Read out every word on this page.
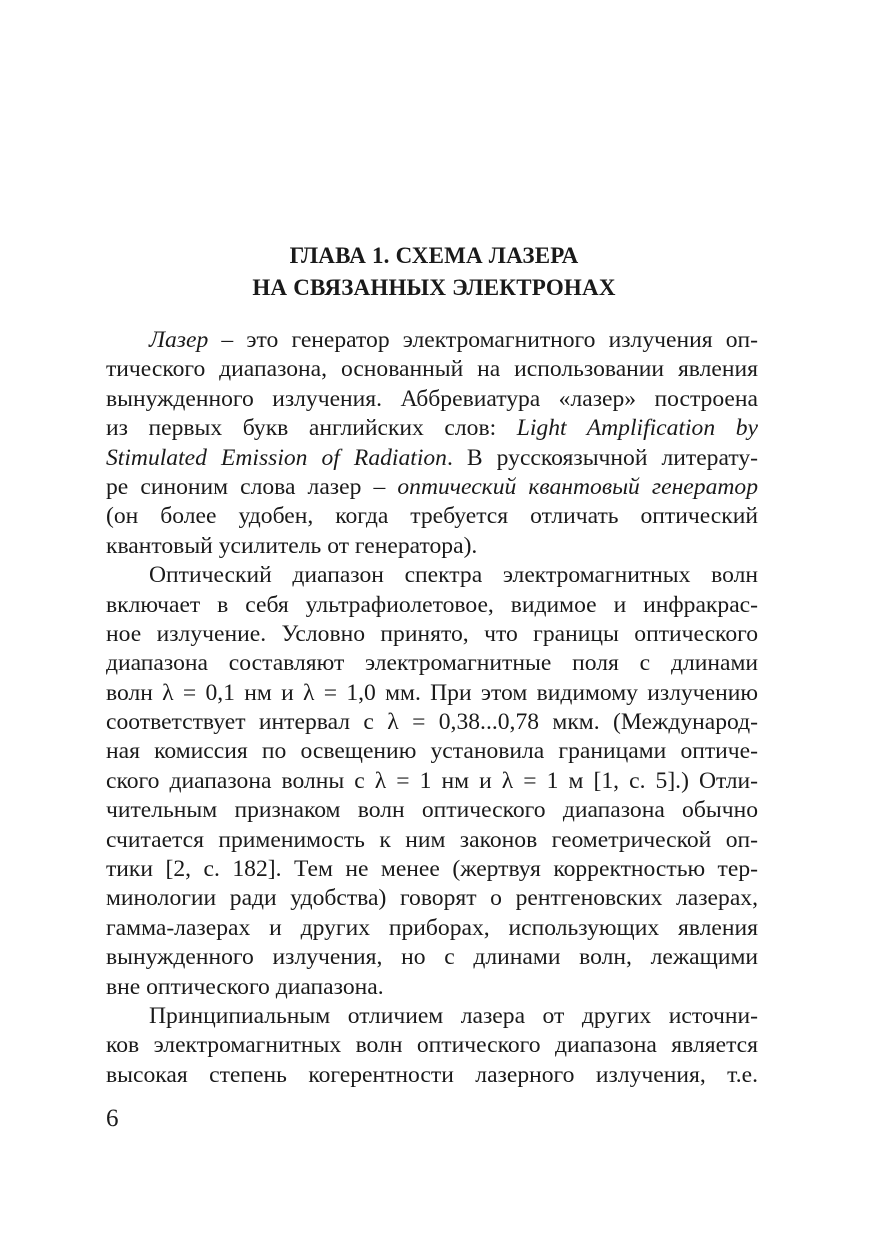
ГЛАВА 1. СХЕМА ЛАЗЕРА
НА СВЯЗАННЫХ ЭЛЕКТРОНАХ
Лазер – это генератор электромагнитного излучения оп-
тического диапазона, основанный на использовании явления
вынужденного излучения. Аббревиатура «лазер» построена
из первых букв английских слов: Light Amplification by
Stimulated Emission of Radiation. В русскоязычной литерату-
ре синоним слова лазер – оптический квантовый генератор
(он более удобен, когда требуется отличать оптический
квантовый усилитель от генератора).
Оптический диапазон спектра электромагнитных волн
включает в себя ультрафиолетовое, видимое и инфракрас-
ное излучение. Условно принято, что границы оптического
диапазона составляют электромагнитные поля с длинами
волн λ = 0,1 нм и λ = 1,0 мм. При этом видимому излучению
соответствует интервал с λ = 0,38...0,78 мкм. (Международ-
ная комиссия по освещению установила границами оптиче-
ского диапазона волны с λ = 1 нм и λ = 1 м [1, с. 5].) Отли-
чительным признаком волн оптического диапазона обычно
считается применимость к ним законов геометрической оп-
тики [2, с. 182]. Тем не менее (жертвуя корректностью тер-
минологии ради удобства) говорят о рентгеновских лазерах,
гамма-лазерах и других приборах, использующих явления
вынужденного излучения, но с длинами волн, лежащими
вне оптического диапазона.
Принципиальным отличием лазера от других источни-
ков электромагнитных волн оптического диапазона является
высокая степень когерентности лазерного излучения, т.е.
6
